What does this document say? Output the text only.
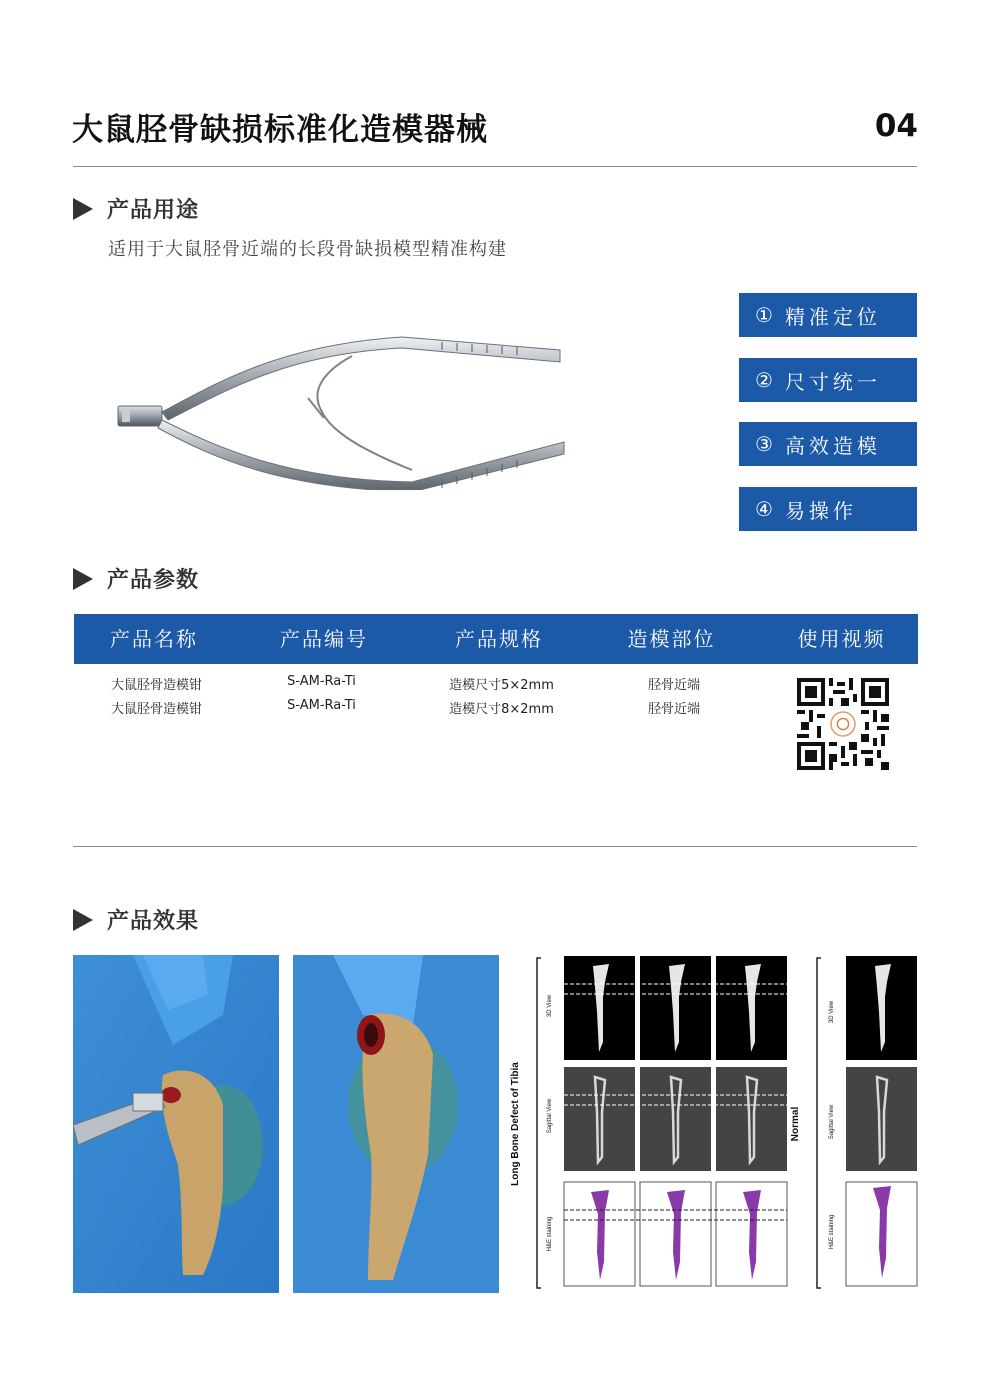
大鼠胫骨缺损标准化造模器械	04
产品用途
适用于大鼠胫骨近端的长段骨缺损模型精准构建
① 精准定位
② 尺寸统一
③ 高效造模
④ 易操作
产品参数
产品名称	产品编号	产品规格	造模部位	使用视频
大鼠胫骨造模钳	S-AM-Ra-Ti	造模尺寸5×2mm	胫骨近端
大鼠胫骨造模钳	S-AM-Ra-Ti	造模尺寸8×2mm	胫骨近端
产品效果
Long Bone Defect of Tibia	Normal
3D View
Sagittal View
H&E staining
3D View
Sagittal View
H&E staining
